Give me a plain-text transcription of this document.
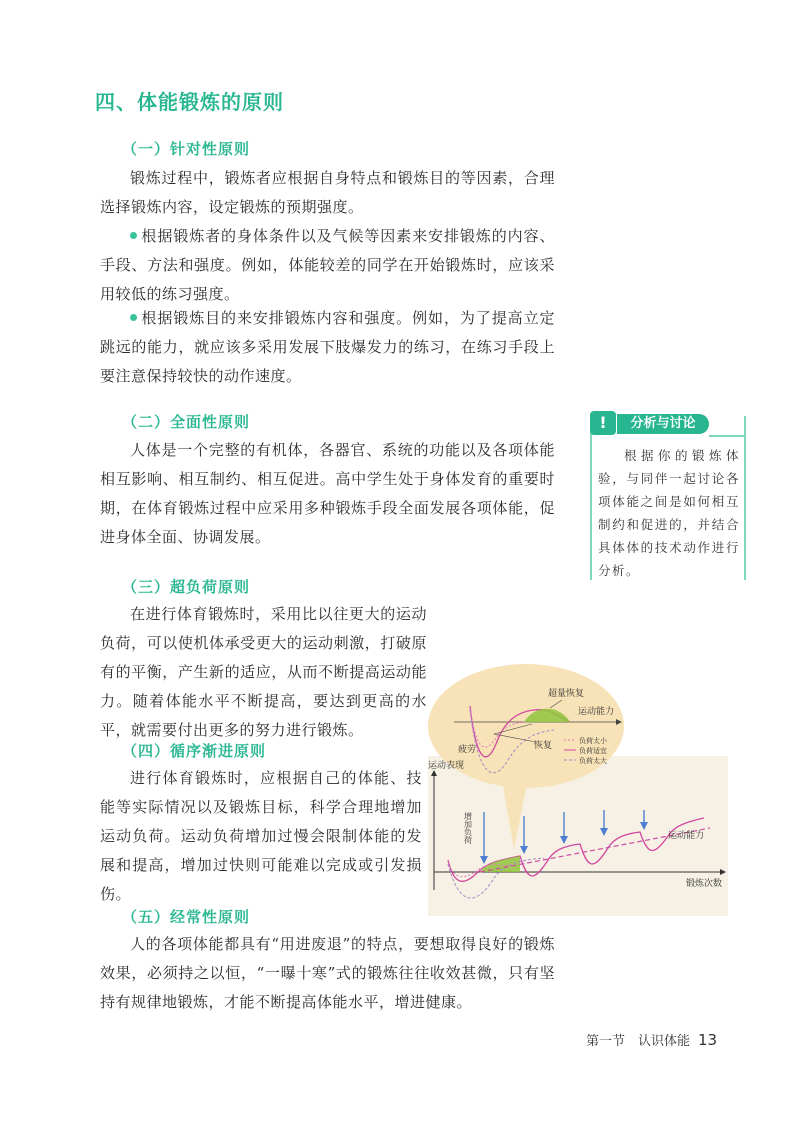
四、体能锻炼的原则
（一）针对性原则

锻炼过程中，锻炼者应根据自身特点和锻炼目的等因素，合理选择锻炼内容，设定锻炼的预期强度。

根据锻炼者的身体条件以及气候等因素来安排锻炼的内容、手段、方法和强度。例如，体能较差的同学在开始锻炼时，应该采用较低的练习强度。

根据锻炼目的来安排锻炼内容和强度。例如，为了提高立定跳远的能力，就应该多采用发展下肢爆发力的练习，在练习手段上要注意保持较快的动作速度。

（二）全面性原则

人体是一个完整的有机体，各器官、系统的功能以及各项体能相互影响、相互制约、相互促进。高中学生处于身体发育的重要时期，在体育锻炼过程中应采用多种锻炼手段全面发展各项体能，促进身体全面、协调发展。

（三）超负荷原则

在进行体育锻炼时，采用比以往更大的运动负荷，可以使机体承受更大的运动刺激，打破原有的平衡，产生新的适应，从而不断提高运动能力。随着体能水平不断提高，要达到更高的水平，就需要付出更多的努力进行锻炼。

（四）循序渐进原则

进行体育锻炼时，应根据自己的体能、技能等实际情况以及锻炼目标，科学合理地增加运动负荷。运动负荷增加过慢会限制体能的发展和提高，增加过快则可能难以完成或引发损伤。

（五）经常性原则

人的各项体能都具有“用进废退”的特点，要想取得良好的锻炼效果，必须持之以恒，“一曝十寒”式的锻炼往往收效甚微，只有坚持有规律地锻炼，才能不断提高体能水平，增进健康。

!	分析与讨论

根据你的锻炼体验，与同伴一起讨论各项体能之间是如何相互制约和促进的，并结合具体体的技术动作进行分析。

超量恢复
运动能力
疲劳	恢复	负荷太小
负荷适宜
负荷太大
运动表现
锻炼次数
运动能力
增加负荷
第一节　认识体能 13
